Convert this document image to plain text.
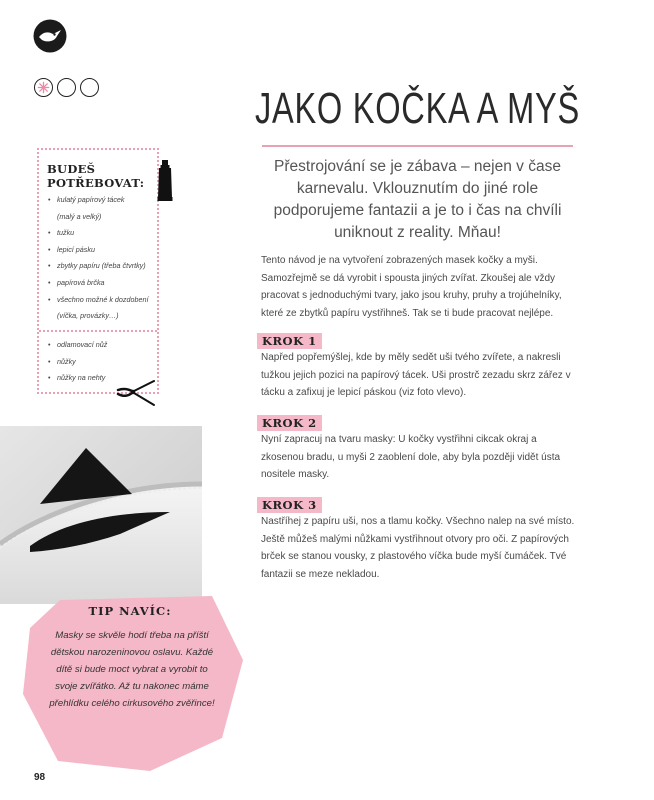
JAKO KOČKA A MYŠ
Přestrojování se je zábava – nejen v čase karnevalu. Vklouznutím do jiné role podporujeme fantazii a je to i čas na chvíli uniknout z reality. Mňau!
Tento návod je na vytvoření zobrazených masek kočky a myši. Samozřejmě se dá vyrobit i spousta jiných zvířat. Zkoušej ale vždy pracovat s jednoduchými tvary, jako jsou kruhy, pruhy a trojúhelníky, které ze zbytků papíru vystřihneš. Tak se ti bude pracovat nejlépe.
KROK 1
Napřed popřemýšlej, kde by měly sedět uši tvého zvířete, a nakresli tužkou jejich pozici na papírový tácek. Uši prostrč zezadu skrz zářez v tácku a zafixuj je lepicí páskou (viz foto vlevo).
KROK 2
Nyní zapracuj na tvaru masky: U kočky vystřihni cikcak okraj a zkosenou bradu, u myši 2 zaoblení dole, aby byla později vidět ústa nositele masky.
KROK 3
Nastříhej z papíru uši, nos a tlamu kočky. Všechno nalep na své místo. Ještě můžeš malými nůžkami vystřihnout otvory pro oči. Z papírových brček se stanou vousky, z plastového víčka bude myší čumáček. Tvé fantazii se meze nekladou.
BUDEŠ
POTŘEBOVAT:
• kulatý papírový tácek
(malý a velký)
• tužku
• lepicí pásku
• zbytky papíru (třeba čtvrtky)
• papírová brčka
• všechno možné k dozdobení
(víčka, provázky…)
• odlamovací nůž
• nůžky
• nůžky na nehty
TIP NAVÍC:
Masky se skvěle hodí třeba na příští dětskou narozeninovou oslavu. Každé dítě si bude moct vybrat a vyrobit to svoje zvířátko. Až tu nakonec máme přehlídku celého cirkusového zvěřince!
98
